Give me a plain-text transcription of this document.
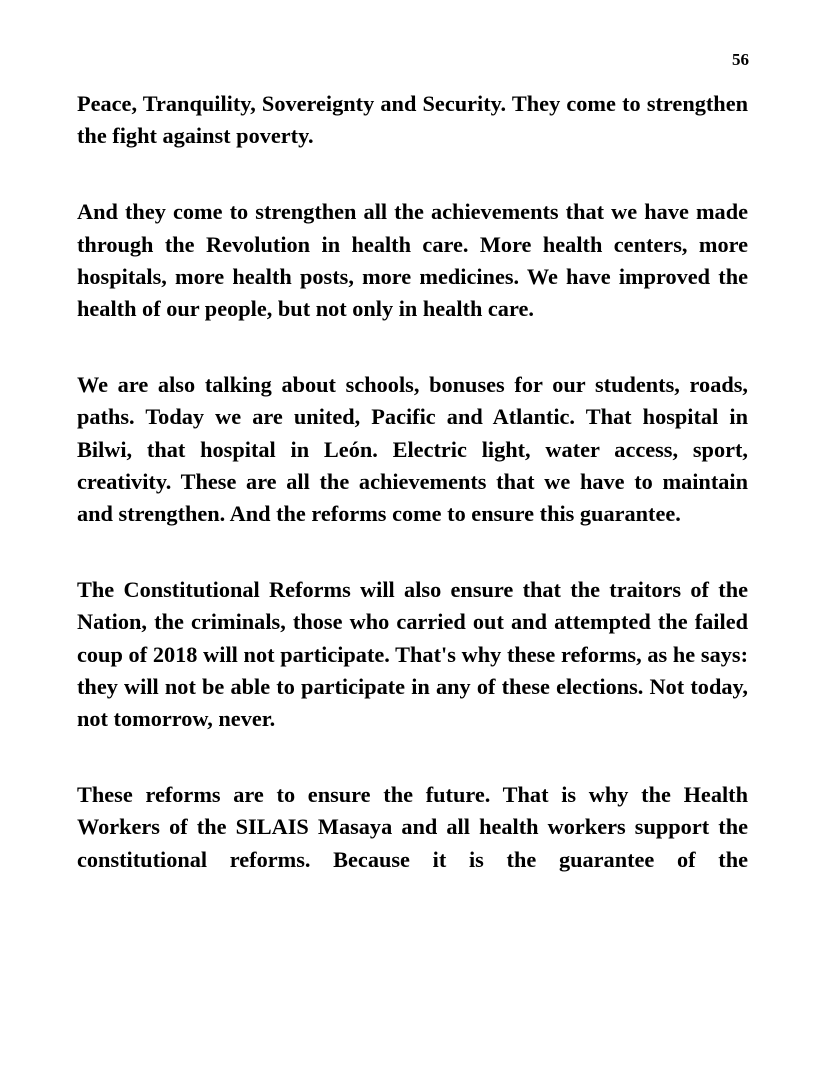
56

Peace, Tranquility, Sovereignty and Security. They come to strengthen the fight against poverty.

And they come to strengthen all the achievements that we have made through the Revolution in health care. More health centers, more hospitals, more health posts, more medicines. We have improved the health of our people, but not only in health care.

We are also talking about schools, bonuses for our students, roads, paths. Today we are united, Pacific and Atlantic. That hospital in Bilwi, that hospital in León. Electric light, water access, sport, creativity. These are all the achievements that we have to maintain and strengthen. And the reforms come to ensure this guarantee.

The Constitutional Reforms will also ensure that the traitors of the Nation, the criminals, those who carried out and attempted the failed coup of 2018 will not participate. That's why these reforms, as he says: they will not be able to participate in any of these elections. Not today, not tomorrow, never.

These reforms are to ensure the future. That is why the Health Workers of the SILAIS Masaya and all health workers support the constitutional reforms. Because it is the guarantee of the
